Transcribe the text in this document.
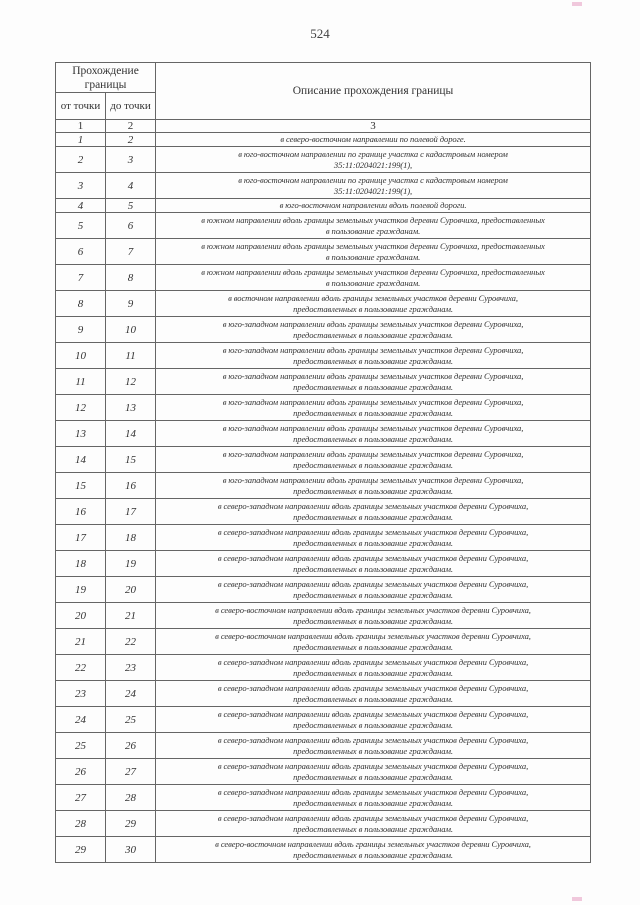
524
Прохождение границы		Описание прохождения границы
от точки	до точки	
1	2	3
1	2	в северо-восточном направлении по полевой дороге.

2	3	в юго-восточном направлении по границе участка с кадастровым номером
35:11:0204021:199(1),

3	4	в юго-восточном направлении по границе участка с кадастровым номером
35:11:0204021:199(1),

4	5	в юго-восточном направлении вдоль полевой дороги.

5	6	в южном направлении вдоль границы земельных участков деревни Суровчиха, предоставленных
в пользование гражданам.

6	7	в южном направлении вдоль границы земельных участков деревни Суровчиха, предоставленных
в пользование гражданам.

7	8	в южном направлении вдоль границы земельных участков деревни Суровчиха, предоставленных
в пользование гражданам.

8	9	в восточном направлении вдоль границы земельных участков деревни Суровчиха,
предоставленных в пользование гражданам.

9	10	в юго-западном направлении вдоль границы земельных участков деревни Суровчиха,
предоставленных в пользование гражданам.

10	11	в юго-западном направлении вдоль границы земельных участков деревни Суровчиха,
предоставленных в пользование гражданам.

11	12	в юго-западном направлении вдоль границы земельных участков деревни Суровчиха,
предоставленных в пользование гражданам.

12	13	в юго-западном направлении вдоль границы земельных участков деревни Суровчиха,
предоставленных в пользование гражданам.

13	14	в юго-западном направлении вдоль границы земельных участков деревни Суровчиха,
предоставленных в пользование гражданам.

14	15	в юго-западном направлении вдоль границы земельных участков деревни Суровчиха,
предоставленных в пользование гражданам.

15	16	в юго-западном направлении вдоль границы земельных участков деревни Суровчиха,
предоставленных в пользование гражданам.

16	17	в северо-западном направлении вдоль границы земельных участков деревни Суровчиха,
предоставленных в пользование гражданам.

17	18	в северо-западном направлении вдоль границы земельных участков деревни Суровчиха,
предоставленных в пользование гражданам.

18	19	в северо-западном направлении вдоль границы земельных участков деревни Суровчиха,
предоставленных в пользование гражданам.

19	20	в северо-западном направлении вдоль границы земельных участков деревни Суровчиха,
предоставленных в пользование гражданам.

20	21	в северо-восточном направлении вдоль границы земельных участков деревни Суровчиха,
предоставленных в пользование гражданам.

21	22	в северо-восточном направлении вдоль границы земельных участков деревни Суровчиха,
предоставленных в пользование гражданам.

22	23	в северо-западном направлении вдоль границы земельных участков деревни Суровчиха,
предоставленных в пользование гражданам.

23	24	в северо-западном направлении вдоль границы земельных участков деревни Суровчиха,
предоставленных в пользование гражданам.

24	25	в северо-западном направлении вдоль границы земельных участков деревни Суровчиха,
предоставленных в пользование гражданам.

25	26	в северо-западном направлении вдоль границы земельных участков деревни Суровчиха,
предоставленных в пользование гражданам.

26	27	в северо-западном направлении вдоль границы земельных участков деревни Суровчиха,
предоставленных в пользование гражданам.

27	28	в северо-западном направлении вдоль границы земельных участков деревни Суровчиха,
предоставленных в пользование гражданам.

28	29	в северо-западном направлении вдоль границы земельных участков деревни Суровчиха,
предоставленных в пользование гражданам.

29	30	в северо-восточном направлении вдоль границы земельных участков деревни Суровчиха,
предоставленных в пользование гражданам.
